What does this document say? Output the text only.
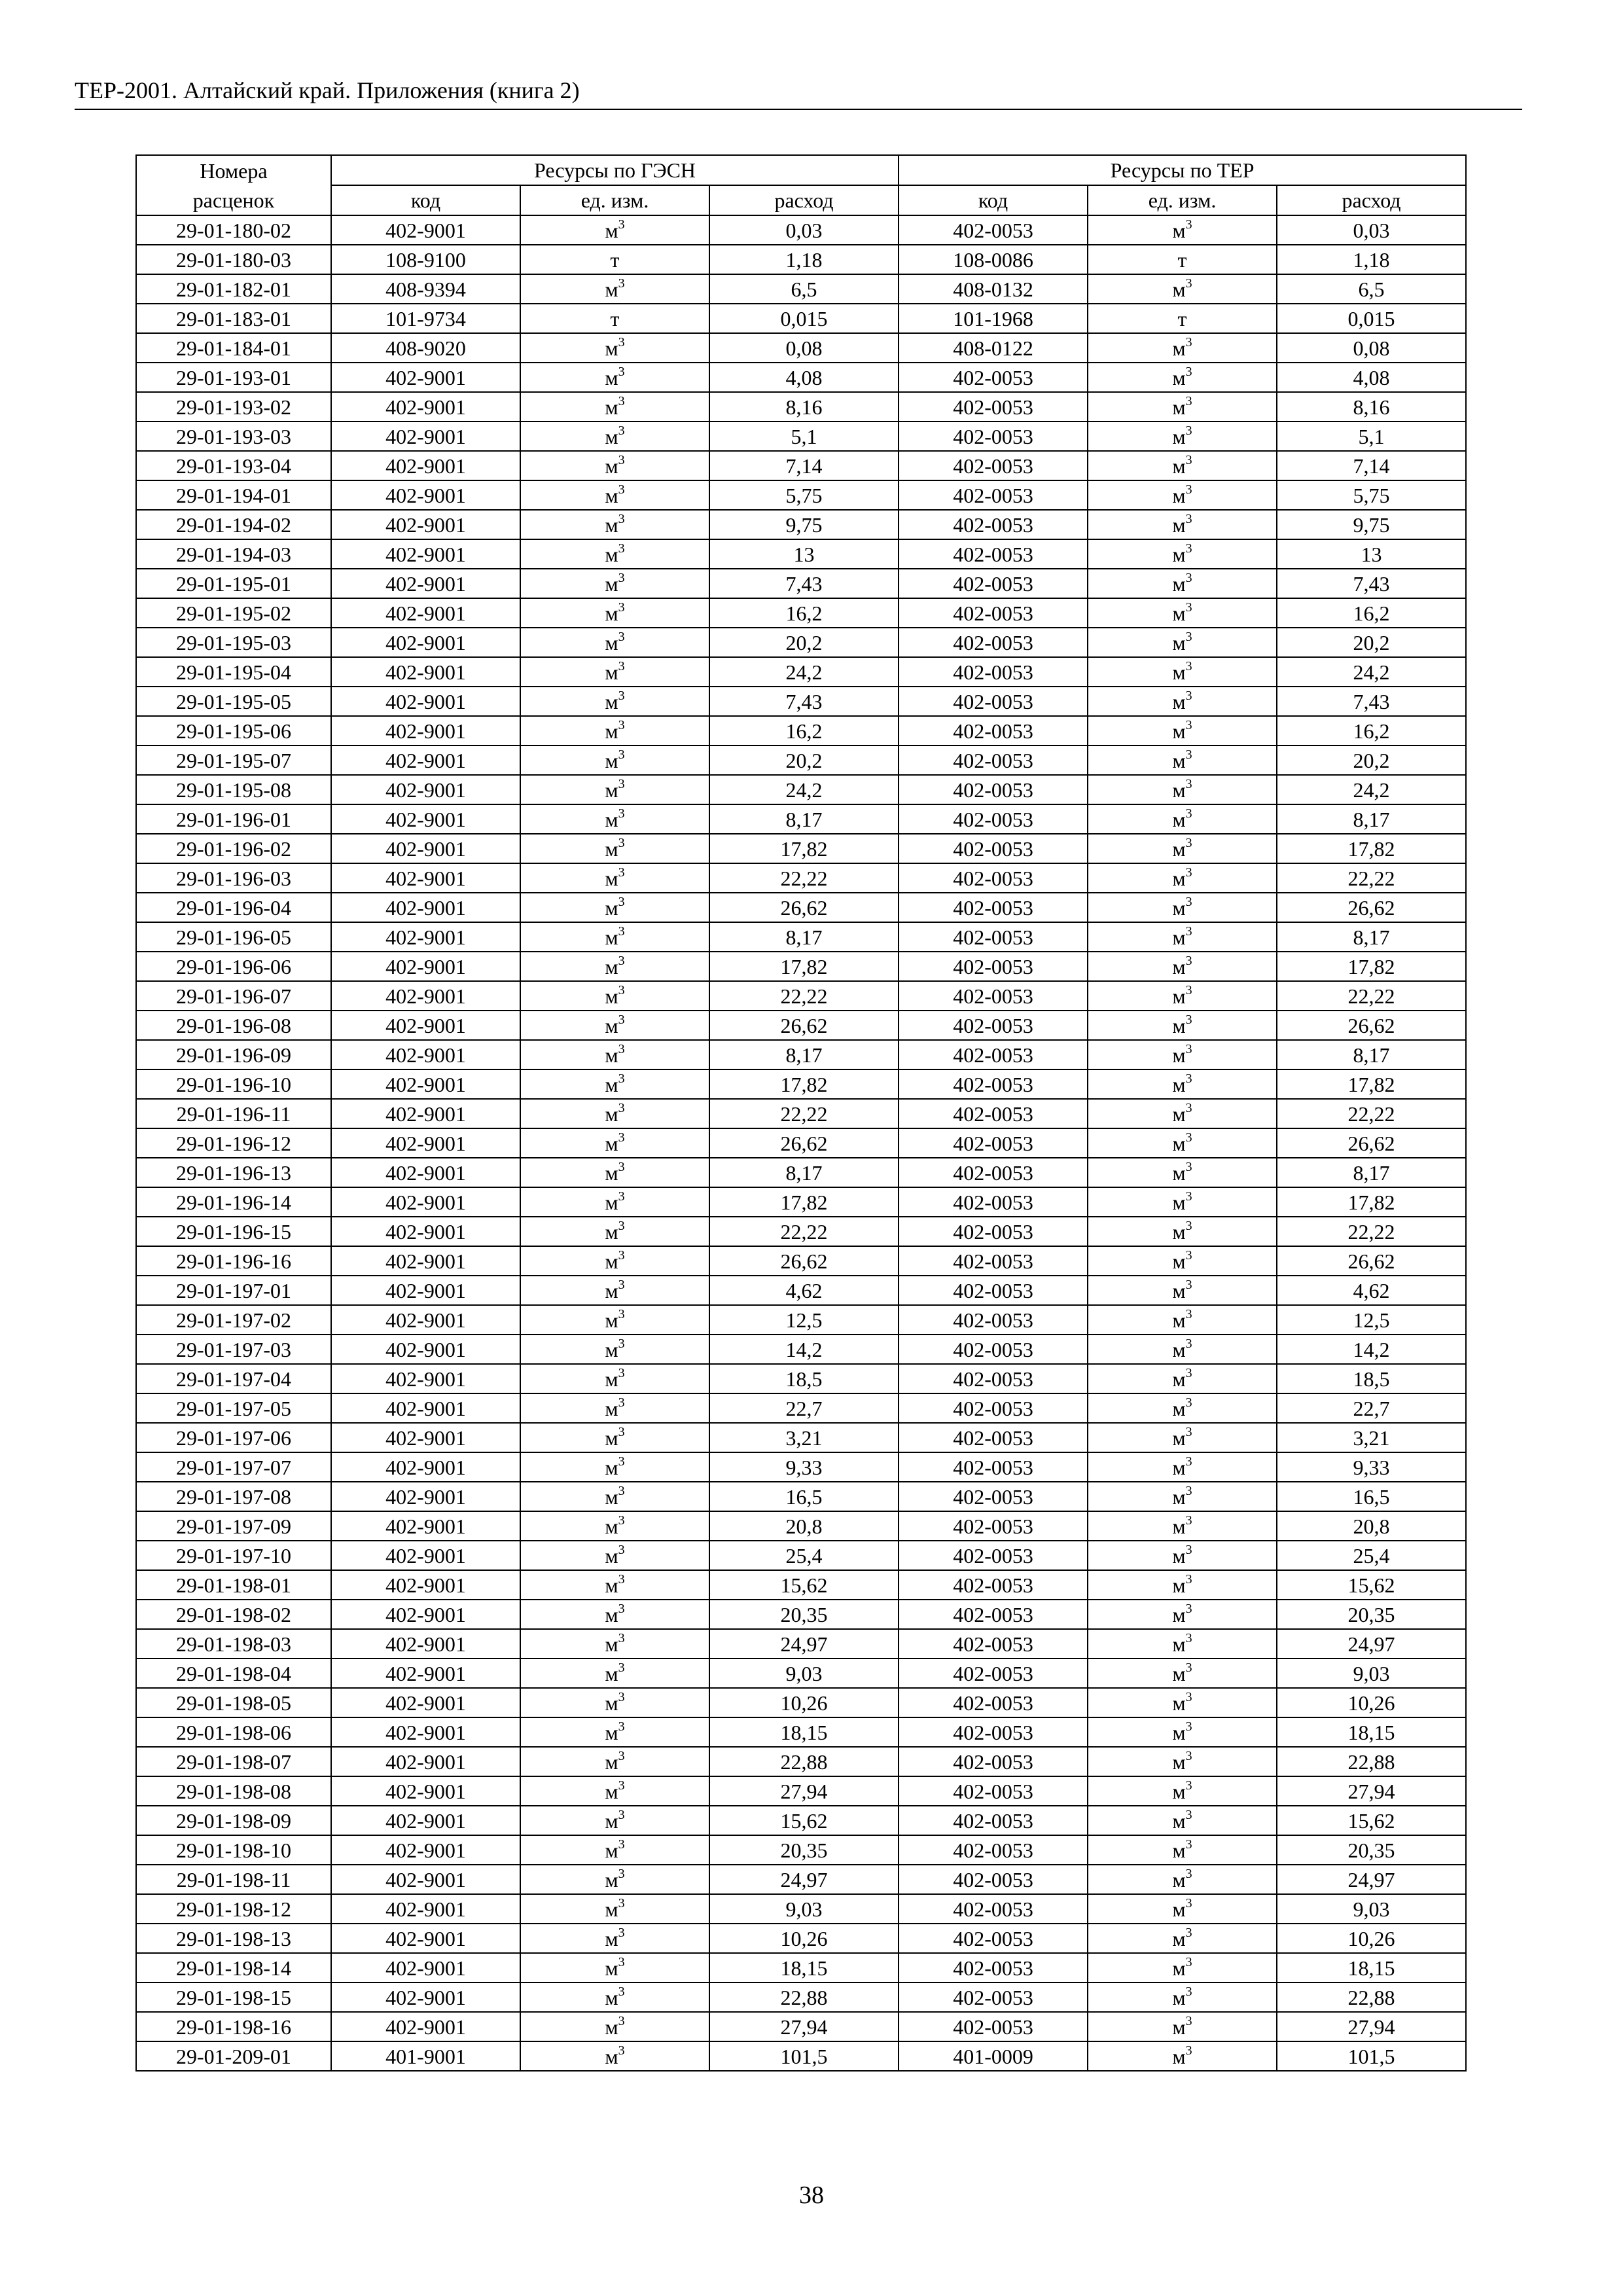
ТЕР-2001. Алтайский край. Приложения (книга 2)
Номера	Ресурсы по ГЭСН			Ресурсы по ТЕР		
расценок	код	ед. изм.	расход	код	ед. изм.	расход
29-01-180-02	402-9001	$м^3$	0,03	402-0053	$м^3$	0,03
29-01-180-03	108-9100	т	1,18	108-0086	т	1,18
29-01-182-01	408-9394	$м^3$	6,5	408-0132	$м^3$	6,5
29-01-183-01	101-9734	т	0,015	101-1968	т	0,015
29-01-184-01	408-9020	$м^3$	0,08	408-0122	$м^3$	0,08
29-01-193-01	402-9001	$м^3$	4,08	402-0053	$м^3$	4,08
29-01-193-02	402-9001	$м^3$	8,16	402-0053	$м^3$	8,16
29-01-193-03	402-9001	$м^3$	5,1	402-0053	$м^3$	5,1
29-01-193-04	402-9001	$м^3$	7,14	402-0053	$м^3$	7,14
29-01-194-01	402-9001	$м^3$	5,75	402-0053	$м^3$	5,75
29-01-194-02	402-9001	$м^3$	9,75	402-0053	$м^3$	9,75
29-01-194-03	402-9001	$м^3$	13	402-0053	$м^3$	13
29-01-195-01	402-9001	$м^3$	7,43	402-0053	$м^3$	7,43
29-01-195-02	402-9001	$м^3$	16,2	402-0053	$м^3$	16,2
29-01-195-03	402-9001	$м^3$	20,2	402-0053	$м^3$	20,2
29-01-195-04	402-9001	$м^3$	24,2	402-0053	$м^3$	24,2
29-01-195-05	402-9001	$м^3$	7,43	402-0053	$м^3$	7,43
29-01-195-06	402-9001	$м^3$	16,2	402-0053	$м^3$	16,2
29-01-195-07	402-9001	$м^3$	20,2	402-0053	$м^3$	20,2
29-01-195-08	402-9001	$м^3$	24,2	402-0053	$м^3$	24,2
29-01-196-01	402-9001	$м^3$	8,17	402-0053	$м^3$	8,17
29-01-196-02	402-9001	$м^3$	17,82	402-0053	$м^3$	17,82
29-01-196-03	402-9001	$м^3$	22,22	402-0053	$м^3$	22,22
29-01-196-04	402-9001	$м^3$	26,62	402-0053	$м^3$	26,62
29-01-196-05	402-9001	$м^3$	8,17	402-0053	$м^3$	8,17
29-01-196-06	402-9001	$м^3$	17,82	402-0053	$м^3$	17,82
29-01-196-07	402-9001	$м^3$	22,22	402-0053	$м^3$	22,22
29-01-196-08	402-9001	$м^3$	26,62	402-0053	$м^3$	26,62
29-01-196-09	402-9001	$м^3$	8,17	402-0053	$м^3$	8,17
29-01-196-10	402-9001	$м^3$	17,82	402-0053	$м^3$	17,82
29-01-196-11	402-9001	$м^3$	22,22	402-0053	$м^3$	22,22
29-01-196-12	402-9001	$м^3$	26,62	402-0053	$м^3$	26,62
29-01-196-13	402-9001	$м^3$	8,17	402-0053	$м^3$	8,17
29-01-196-14	402-9001	$м^3$	17,82	402-0053	$м^3$	17,82
29-01-196-15	402-9001	$м^3$	22,22	402-0053	$м^3$	22,22
29-01-196-16	402-9001	$м^3$	26,62	402-0053	$м^3$	26,62
29-01-197-01	402-9001	$м^3$	4,62	402-0053	$м^3$	4,62
29-01-197-02	402-9001	$м^3$	12,5	402-0053	$м^3$	12,5
29-01-197-03	402-9001	$м^3$	14,2	402-0053	$м^3$	14,2
29-01-197-04	402-9001	$м^3$	18,5	402-0053	$м^3$	18,5
29-01-197-05	402-9001	$м^3$	22,7	402-0053	$м^3$	22,7
29-01-197-06	402-9001	$м^3$	3,21	402-0053	$м^3$	3,21
29-01-197-07	402-9001	$м^3$	9,33	402-0053	$м^3$	9,33
29-01-197-08	402-9001	$м^3$	16,5	402-0053	$м^3$	16,5
29-01-197-09	402-9001	$м^3$	20,8	402-0053	$м^3$	20,8
29-01-197-10	402-9001	$м^3$	25,4	402-0053	$м^3$	25,4
29-01-198-01	402-9001	$м^3$	15,62	402-0053	$м^3$	15,62
29-01-198-02	402-9001	$м^3$	20,35	402-0053	$м^3$	20,35
29-01-198-03	402-9001	$м^3$	24,97	402-0053	$м^3$	24,97
29-01-198-04	402-9001	$м^3$	9,03	402-0053	$м^3$	9,03
29-01-198-05	402-9001	$м^3$	10,26	402-0053	$м^3$	10,26
29-01-198-06	402-9001	$м^3$	18,15	402-0053	$м^3$	18,15
29-01-198-07	402-9001	$м^3$	22,88	402-0053	$м^3$	22,88
29-01-198-08	402-9001	$м^3$	27,94	402-0053	$м^3$	27,94
29-01-198-09	402-9001	$м^3$	15,62	402-0053	$м^3$	15,62
29-01-198-10	402-9001	$м^3$	20,35	402-0053	$м^3$	20,35
29-01-198-11	402-9001	$м^3$	24,97	402-0053	$м^3$	24,97
29-01-198-12	402-9001	$м^3$	9,03	402-0053	$м^3$	9,03
29-01-198-13	402-9001	$м^3$	10,26	402-0053	$м^3$	10,26
29-01-198-14	402-9001	$м^3$	18,15	402-0053	$м^3$	18,15
29-01-198-15	402-9001	$м^3$	22,88	402-0053	$м^3$	22,88
29-01-198-16	402-9001	$м^3$	27,94	402-0053	$м^3$	27,94
29-01-209-01	401-9001	$м^3$	101,5	401-0009	$м^3$	101,5
38
